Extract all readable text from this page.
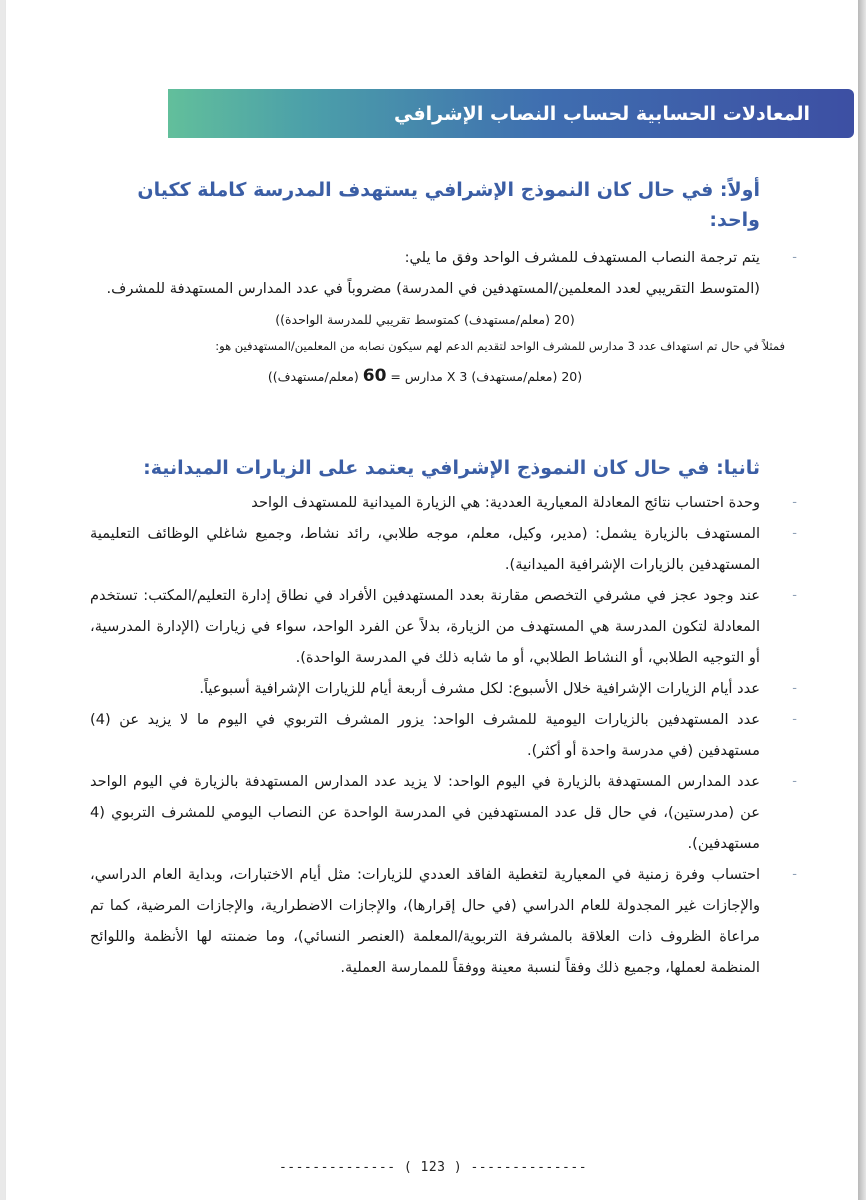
المعادلات الحسابية لحساب النصاب الإشرافي
أولاً: في حال كان النموذج الإشرافي يستهدف المدرسة كاملة ككيان واحد:
-
يتم ترجمة النصاب المستهدف للمشرف الواحد وفق ما يلي:

(المتوسط التقريبي لعدد المعلمين/المستهدفين في المدرسة) مضروباً في عدد المدارس المستهدفة للمشرف.

(20 (معلم/مستهدف) كمتوسط تقريبي للمدرسة الواحدة))

فمثلاً في حال تم استهداف عدد 3 مدارس للمشرف الواحد لتقديم الدعم لهم سيكون نصابه من المعلمين/المستهدفين هو:

(20 (معلم/مستهدف) X 3 مدارس = 60 (معلم/مستهدف))

ثانيا: في حال كان النموذج الإشرافي يعتمد على الزيارات الميدانية:
-
وحدة احتساب نتائج المعادلة المعيارية العددية: هي الزيارة الميدانية للمستهدف الواحد
-
المستهدف بالزيارة يشمل: (مدير، وكيل، معلم، موجه طلابي، رائد نشاط، وجميع شاغلي الوظائف التعليمية المستهدفين بالزيارات الإشرافية الميدانية).
-
عند وجود عجز في مشرفي التخصص مقارنة بعدد المستهدفين الأفراد في نطاق إدارة التعليم/المكتب: تستخدم المعادلة لتكون المدرسة هي المستهدف من الزيارة، بدلاً عن الفرد الواحد، سواء في زيارات (الإدارة المدرسية، أو التوجيه الطلابي، أو النشاط الطلابي، أو ما شابه ذلك في المدرسة الواحدة).
-
عدد أيام الزيارات الإشرافية خلال الأسبوع: لكل مشرف أربعة أيام للزيارات الإشرافية أسبوعياً.
-
عدد المستهدفين بالزيارات اليومية للمشرف الواحد: يزور المشرف التربوي في اليوم ما لا يزيد عن (4) مستهدفين (في مدرسة واحدة أو أكثر).
-
عدد المدارس المستهدفة بالزيارة في اليوم الواحد: لا يزيد عدد المدارس المستهدفة بالزيارة في اليوم الواحد عن (مدرستين)، في حال قل عدد المستهدفين في المدرسة الواحدة عن النصاب اليومي للمشرف التربوي (4 مستهدفين).
-
احتساب وفرة زمنية في المعيارية لتغطية الفاقد العددي للزيارات: مثل أيام الاختبارات، وبداية العام الدراسي، والإجازات غير المجدولة للعام الدراسي (في حال إقرارها)، والإجازات الاضطرارية، والإجازات المرضية، كما تم مراعاة الظروف ذات العلاقة بالمشرفة التربوية/المعلمة (العنصر النسائي)، وما ضمنته لها الأنظمة واللوائح المنظمة لعملها، وجميع ذلك وفقاً لنسبة معينة ووفقاً للممارسة العملية.
-------------- ( 123 ) --------------
